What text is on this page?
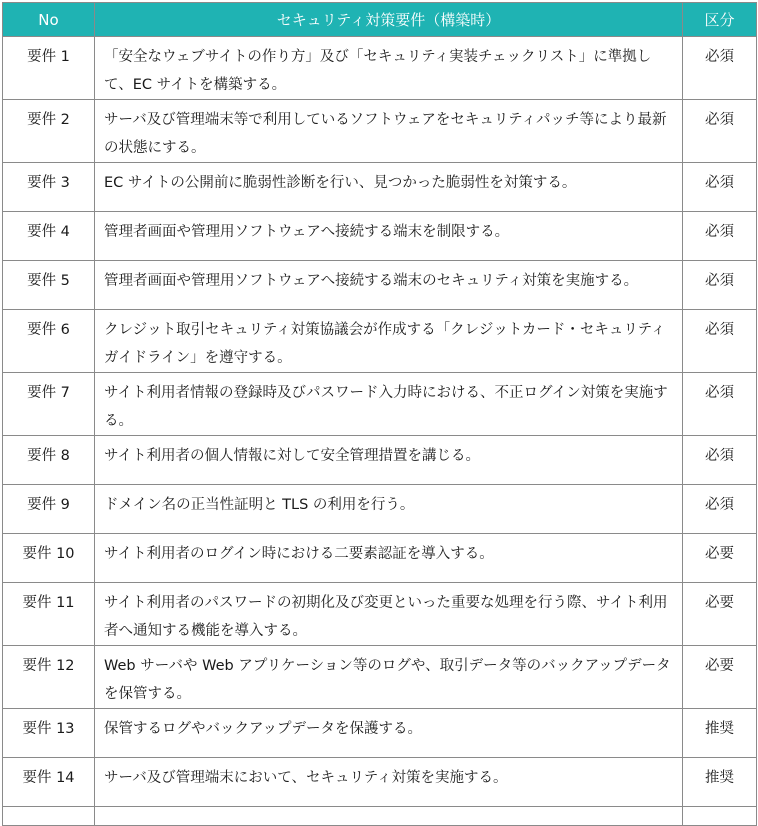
No	セキュリティ対策要件（構築時）	区分
要件 1	「安全なウェブサイトの作り方」及び「セキュリティ実装チェックリスト」に準拠して、EC サイトを構築する。	必須
要件 2	サーバ及び管理端末等で利用しているソフトウェアをセキュリティパッチ等により最新の状態にする。	必須
要件 3	EC サイトの公開前に脆弱性診断を行い、見つかった脆弱性を対策する。	必須
要件 4	管理者画面や管理用ソフトウェアへ接続する端末を制限する。	必須
要件 5	管理者画面や管理用ソフトウェアへ接続する端末のセキュリティ対策を実施する。	必須
要件 6	クレジット取引セキュリティ対策協議会が作成する「クレジットカード・セキュリティガイドライン」を遵守する。	必須
要件 7	サイト利用者情報の登録時及びパスワード入力時における、不正ログイン対策を実施する。	必須
要件 8	サイト利用者の個人情報に対して安全管理措置を講じる。	必須
要件 9	ドメイン名の正当性証明と TLS の利用を行う。	必須
要件 10	サイト利用者のログイン時における二要素認証を導入する。	必要
要件 11	サイト利用者のパスワードの初期化及び変更といった重要な処理を行う際、サイト利用者へ通知する機能を導入する。	必要
要件 12	Web サーバや Web アプリケーション等のログや、取引データ等のバックアップデータを保管する。	必要
要件 13	保管するログやバックアップデータを保護する。	推奨
要件 14	サーバ及び管理端末において、セキュリティ対策を実施する。	推奨
